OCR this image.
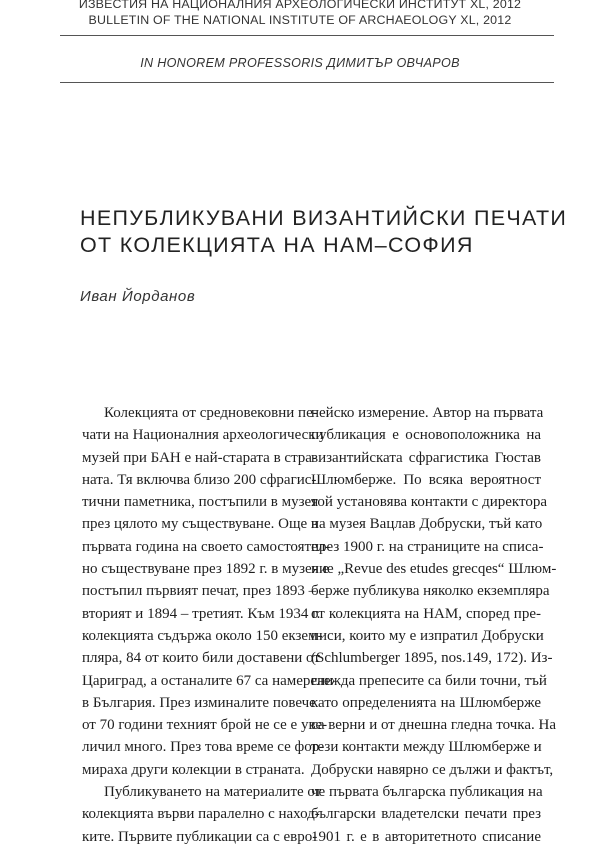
ИЗВЕСТИЯ НА НАЦИОНАЛНИЯ АРХЕОЛОГИЧЕСКИ ИНСТИТУТ XL, 2012
BULLETIN OF THE NATIONAL INSTITUTE OF ARCHAEOLOGY XL, 2012
IN HONOREM PROFESSORIS ДИМИТЪР ОВЧАРОВ
НЕПУБЛИКУВАНИ ВИЗАНТИЙСКИ ПЕЧАТИ
ОТ КОЛЕКЦИЯТА НА НАМ–СОФИЯ
Иван Йорданов
Колекцията от средновековни пе-
чати на Националния археологически
музей при БАН е най-старата в стра-
ната. Тя включва близо 200 сфрагис-
тични паметника, постъпили в музея
през цялото му съществуване. Още в
първата година на своето самостоятел-
но съществуване през 1892 г. в музея е
постъпил първият печат, през 1893 –
вторият и 1894 – третият. Към 1934 г.
колекцията съдържа около 150 екзем-
пляра, 84 от които били доставени от
Цариград, а останалите 67 са намерени
в България. През изминалите повече
от 70 години техният брой не се е уве-
личил много. През това време се фор-
мираха други колекции в страната.
Публикуването на материалите от
колекцията върви паралелно с наход-
ките. Първите публикации са с евро-
пейско измерение. Автор на първата
публикация е основоположника на
византийската сфрагистика Гюстав
Шлюмберже. По всяка вероятност
той установява контакти с директора
на музея Вацлав Добруски, тъй като
през 1900 г. на страниците на списа-
ние „Revue des etudes grecqes“ Шлюм-
берже публикува няколко екземпляра
от колекцията на НАМ, според пре-
писи, които му е изпратил Добруски
(Schlumberger 1895, nos.149, 172). Из-
глежда препесите са били точни, тъй
като определенията на Шлюмберже
са верни и от днешна гледна точка. На
тези контакти между Шлюмберже и
Добруски навярно се дължи и фактът,
че първата българска публикация на
български владетелски печати през
1901 г. е в авторитетното списание
